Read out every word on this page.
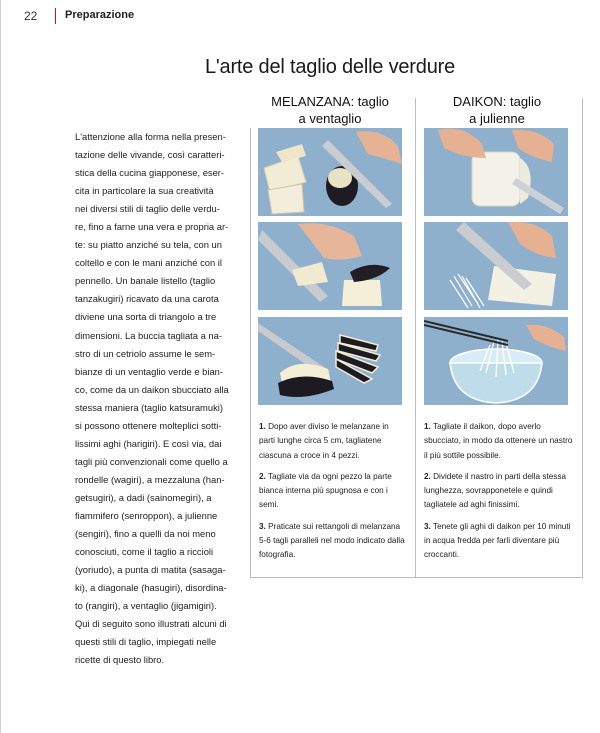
22	Preparazione
L'arte del taglio delle verdure
MELANZANA: taglio
a ventaglio
DAIKON: taglio
a julienne
L'attenzione alla forma nella presen-
tazione delle vivande, così caratteri-
stica della cucina giapponese, eser-
cita in particolare la sua creatività
nei diversi stili di taglio delle verdu-
re, fino a farne una vera e propria ar-
te: su piatto anziché su tela, con un
coltello e con le mani anziché con il
pennello. Un banale listello (taglio
tanzakugiri) ricavato da una carota
diviene una sorta di triangolo a tre
dimensioni. La buccia tagliata a na-
stro di un cetriolo assume le sem-
bianze di un ventaglio verde e bian-
co, come da un daikon sbucciato alla
stessa maniera (taglio katsuramuki)
si possono ottenere molteplici sotti-
lissimi aghi (harigiri). E così via, dai
tagli più convenzionali come quello a
rondelle (wagiri), a mezzaluna (han-
getsugiri), a dadi (sainomegiri), a
fiammifero (senroppon), a julienne
(sengiri), fino a quelli da noi meno
conosciuti, come il taglio a riccioli
(yoriudo), a punta di matita (sasaga-
ki), a diagonale (hasugiri), disordina-
to (rangiri), a ventaglio (jigamigiri).
Qui di seguito sono illustrati alcuni di
questi stili di taglio, impiegati nelle
ricette di questo libro.

1. Dopo aver diviso le melanzane in parti lunghe circa 5 cm, tagliatene ciascuna a croce in 4 pezzi.

2. Tagliate via da ogni pezzo la parte bianca interna più spugnosa e con i semi.

3. Praticate sui rettangoli di melanzana 5-6 tagli paralleli nel modo indicato dalla fotografia.

1. Tagliate il daikon, dopo averlo sbucciato, in modo da ottenere un nastro il più sottile possibile.

2. Dividete il nastro in parti della stessa lunghezza, sovrapponetele e quindi tagliatele ad aghi finissimi.

3. Tenete gli aghi di daikon per 10 minuti in acqua fredda per farli diventare più croccanti.
